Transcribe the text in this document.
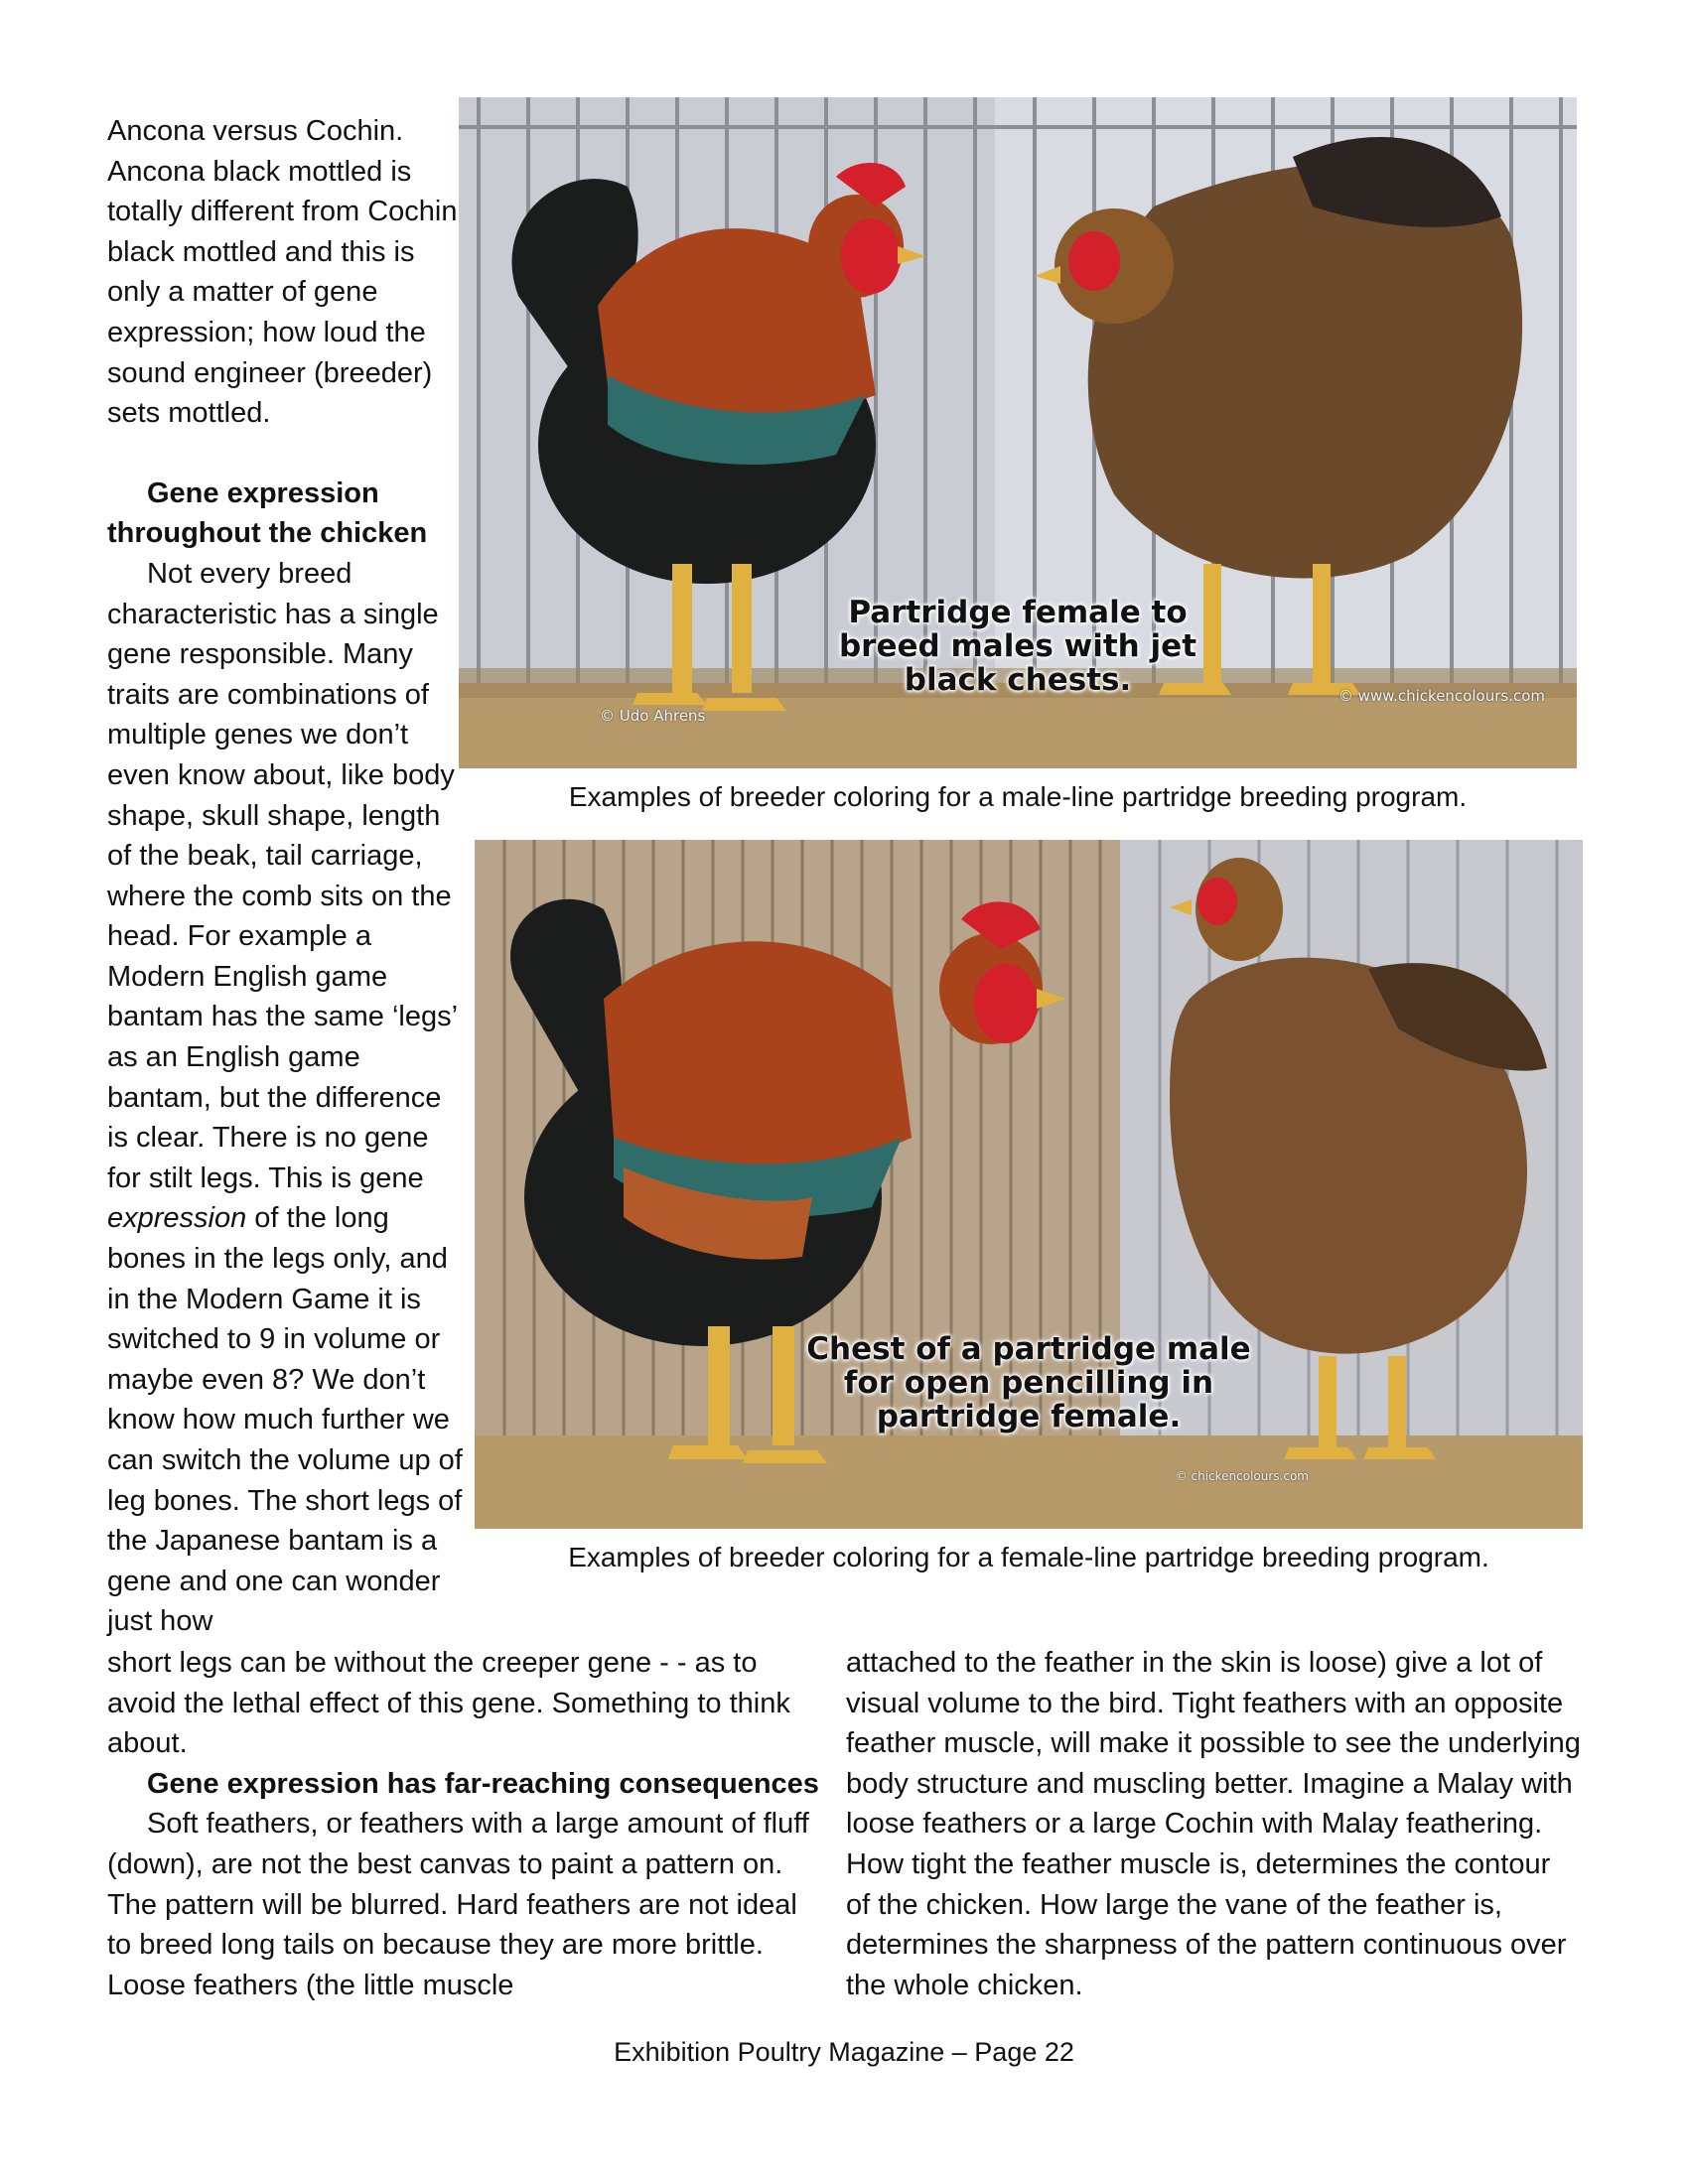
Ancona versus Cochin. Ancona black mottled is totally different from Cochin black mottled and this is only a matter of gene expression; how loud the sound engineer (breeder) sets mottled.

Gene expression throughout the chicken

Not every breed characteristic has a single gene responsible. Many traits are combinations of multiple genes we don’t even know about, like body shape, skull shape, length of the beak, tail carriage, where the comb sits on the head. For example a Modern English game bantam has the same ‘legs’ as an English game bantam, but the difference is clear. There is no gene for stilt legs. This is gene expression of the long bones in the legs only, and in the Modern Game it is switched to 9 in volume or maybe even 8? We don’t know how much further we can switch the volume up of leg bones. The short legs of the Japanese bantam is a gene and one can wonder just how

Partridge female to
breed males with jet
black chests.
© Udo Ahrens
© www.chickencolours.com
Examples of breeder coloring for a male-line partridge breeding program.
Chest of a partridge male
for open pencilling in
partridge female.
© chickencolours.com
Examples of breeder coloring for a female-line partridge breeding program.

short legs can be without the creeper gene - - as to avoid the lethal effect of this gene. Something to think about.

Gene expression has far-reaching consequences

Soft feathers, or feathers with a large amount of fluff (down), are not the best canvas to paint a pattern on. The pattern will be blurred. Hard feathers are not ideal to breed long tails on because they are more brittle. Loose feathers (the little muscle

attached to the feather in the skin is loose) give a lot of visual volume to the bird. Tight feathers with an opposite feather muscle, will make it possible to see the underlying body structure and muscling better. Imagine a Malay with loose feathers or a large Cochin with Malay feathering. How tight the feather muscle is, determines the contour of the chicken. How large the vane of the feather is, determines the sharpness of the pattern continuous over the whole chicken.

Exhibition Poultry Magazine – Page 22
